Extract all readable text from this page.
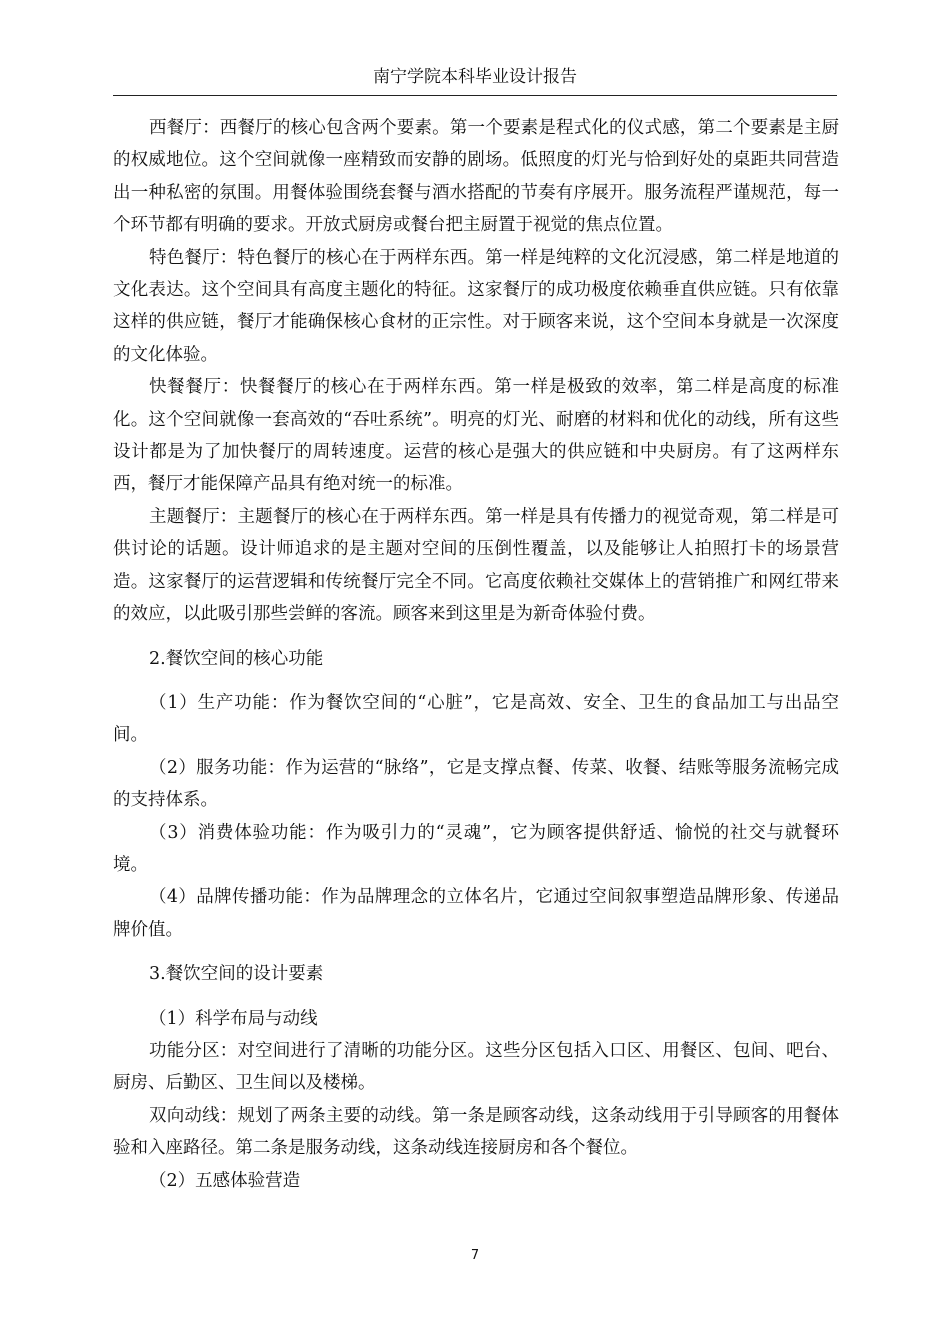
南宁学院本科毕业设计报告

西餐厅：西餐厅的核心包含两个要素。第一个要素是程式化的仪式感，第二个要素是主厨的权威地位。这个空间就像一座精致而安静的剧场。低照度的灯光与恰到好处的桌距共同营造出一种私密的氛围。用餐体验围绕套餐与酒水搭配的节奏有序展开。服务流程严谨规范，每一个环节都有明确的要求。开放式厨房或餐台把主厨置于视觉的焦点位置。

特色餐厅：特色餐厅的核心在于两样东西。第一样是纯粹的文化沉浸感，第二样是地道的文化表达。这个空间具有高度主题化的特征。这家餐厅的成功极度依赖垂直供应链。只有依靠这样的供应链，餐厅才能确保核心食材的正宗性。对于顾客来说，这个空间本身就是一次深度的文化体验。

快餐餐厅：快餐餐厅的核心在于两样东西。第一样是极致的效率，第二样是高度的标准化。这个空间就像一套高效的“吞吐系统”。明亮的灯光、耐磨的材料和优化的动线，所有这些设计都是为了加快餐厅的周转速度。运营的核心是强大的供应链和中央厨房。有了这两样东西，餐厅才能保障产品具有绝对统一的标准。

主题餐厅：主题餐厅的核心在于两样东西。第一样是具有传播力的视觉奇观，第二样是可供讨论的话题。设计师追求的是主题对空间的压倒性覆盖，以及能够让人拍照打卡的场景营造。这家餐厅的运营逻辑和传统餐厅完全不同。它高度依赖社交媒体上的营销推广和网红带来的效应，以此吸引那些尝鲜的客流。顾客来到这里是为新奇体验付费。

2.餐饮空间的核心功能

（1）生产功能：作为餐饮空间的“心脏”，它是高效、安全、卫生的食品加工与出品空间。

（2）服务功能：作为运营的“脉络”，它是支撑点餐、传菜、收餐、结账等服务流畅完成的支持体系。

（3）消费体验功能：作为吸引力的“灵魂”，它为顾客提供舒适、愉悦的社交与就餐环境。

（4）品牌传播功能：作为品牌理念的立体名片，它通过空间叙事塑造品牌形象、传递品牌价值。

3.餐饮空间的设计要素

（1）科学布局与动线

功能分区：对空间进行了清晰的功能分区。这些分区包括入口区、用餐区、包间、吧台、厨房、后勤区、卫生间以及楼梯。

双向动线：规划了两条主要的动线。第一条是顾客动线，这条动线用于引导顾客的用餐体验和入座路径。第二条是服务动线，这条动线连接厨房和各个餐位。

（2）五感体验营造

7
